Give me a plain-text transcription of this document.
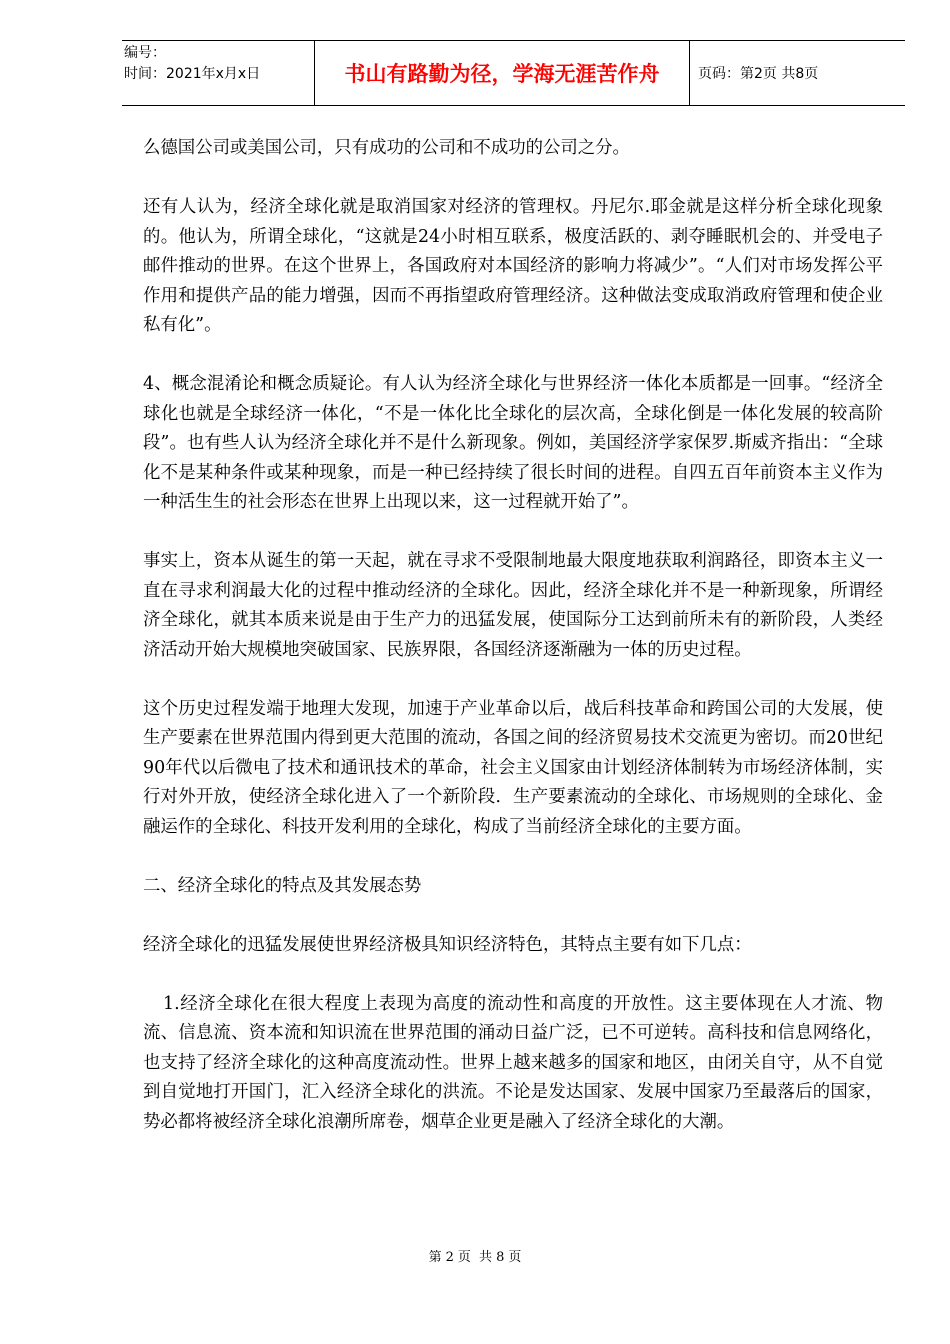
编号：
时间：2021年x月x日	书山有路勤为径，学海无涯苦作舟	页码：第2页 共8页

么德国公司或美国公司，只有成功的公司和不成功的公司之分。

还有人认为，经济全球化就是取消国家对经济的管理权。丹尼尔.耶金就是这样分析全球化现象的。他认为，所谓全球化，“这就是24小时相互联系，极度活跃的、剥夺睡眠机会的、并受电子邮件推动的世界。在这个世界上，各国政府对本国经济的影响力将减少”。“人们对市场发挥公平作用和提供产品的能力增强，因而不再指望政府管理经济。这种做法变成取消政府管理和使企业私有化”。

4、概念混淆论和概念质疑论。有人认为经济全球化与世界经济一体化本质都是一回事。“经济全球化也就是全球经济一体化，“不是一体化比全球化的层次高，全球化倒是一体化发展的较高阶段”。也有些人认为经济全球化并不是什么新现象。例如，美国经济学家保罗.斯威齐指出：“全球化不是某种条件或某种现象，而是一种已经持续了很长时间的进程。自四五百年前资本主义作为一种活生生的社会形态在世界上出现以来，这一过程就开始了”。

事实上，资本从诞生的第一天起，就在寻求不受限制地最大限度地获取利润路径，即资本主义一直在寻求利润最大化的过程中推动经济的全球化。因此，经济全球化并不是一种新现象，所谓经济全球化，就其本质来说是由于生产力的迅猛发展，使国际分工达到前所未有的新阶段，人类经济活动开始大规模地突破国家、民族界限，各国经济逐渐融为一体的历史过程。

这个历史过程发端于地理大发现，加速于产业革命以后，战后科技革命和跨国公司的大发展，使生产要素在世界范围内得到更大范围的流动，各国之间的经济贸易技术交流更为密切。而20世纪90年代以后微电了技术和通讯技术的革命，社会主义国家由计划经济体制转为市场经济体制，实行对外开放，使经济全球化进入了一个新阶段．生产要素流动的全球化、市场规则的全球化、金融运作的全球化、科技开发利用的全球化，构成了当前经济全球化的主要方面。

二、经济全球化的特点及其发展态势

经济全球化的迅猛发展使世界经济极具知识经济特色，其特点主要有如下几点：

1.经济全球化在很大程度上表现为高度的流动性和高度的开放性。这主要体现在人才流、物流、信息流、资本流和知识流在世界范围的涌动日益广泛，已不可逆转。高科技和信息网络化，也支持了经济全球化的这种高度流动性。世界上越来越多的国家和地区，由闭关自守，从不自觉到自觉地打开国门，汇入经济全球化的洪流。不论是发达国家、发展中国家乃至最落后的国家，势必都将被经济全球化浪潮所席卷，烟草企业更是融入了经济全球化的大潮。

第 2 页 共 8 页
